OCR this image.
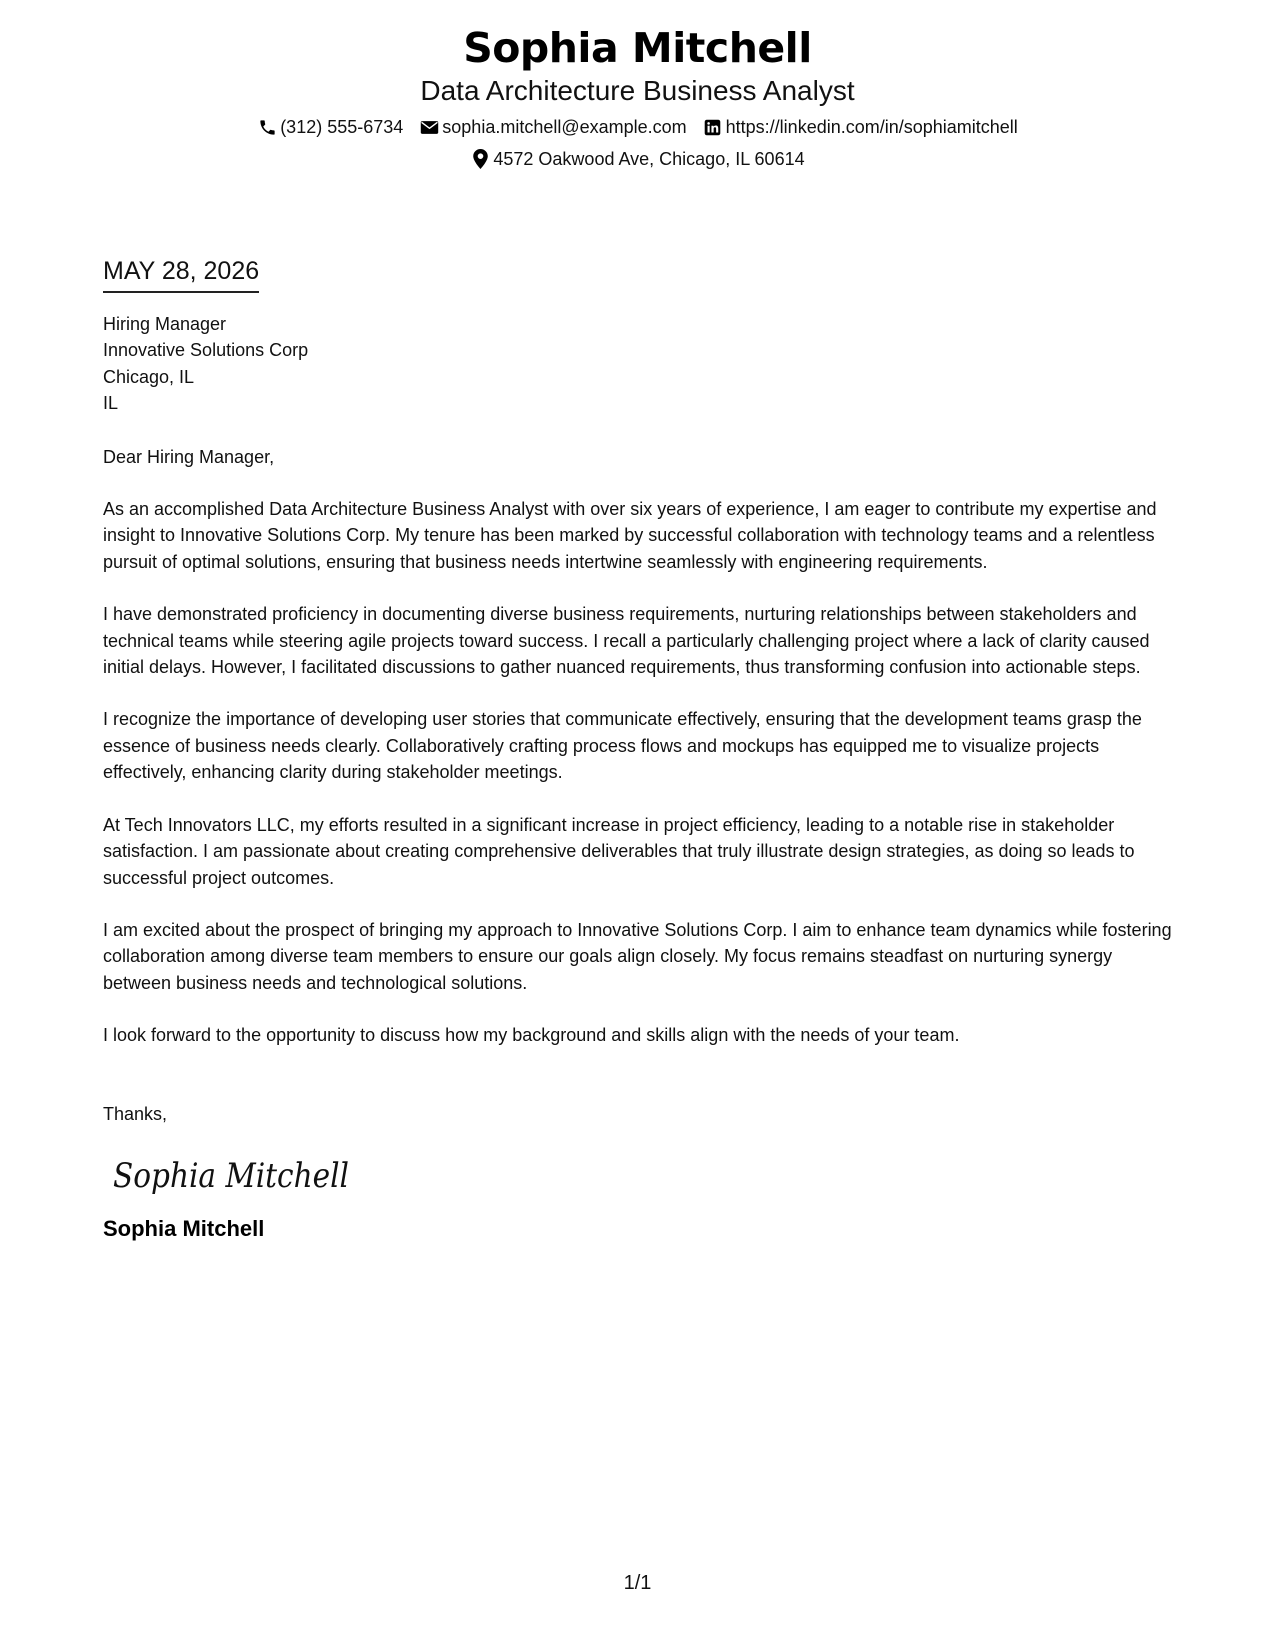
Sophia Mitchell
Data Architecture Business Analyst
(312) 555-6734 sophia.mitchell@example.com https://linkedin.com/in/sophiamitchell
4572 Oakwood Ave, Chicago, IL 60614
MAY 28, 2026
Hiring Manager
Innovative Solutions Corp
Chicago, IL
IL
Dear Hiring Manager,

As an accomplished Data Architecture Business Analyst with over six years of experience, I am eager to contribute my expertise and insight to Innovative Solutions Corp. My tenure has been marked by successful collaboration with technology teams and a relentless pursuit of optimal solutions, ensuring that business needs intertwine seamlessly with engineering requirements.

I have demonstrated proficiency in documenting diverse business requirements, nurturing relationships between stakeholders and technical teams while steering agile projects toward success. I recall a particularly challenging project where a lack of clarity caused initial delays. However, I facilitated discussions to gather nuanced requirements, thus transforming confusion into actionable steps.

I recognize the importance of developing user stories that communicate effectively, ensuring that the development teams grasp the essence of business needs clearly. Collaboratively crafting process flows and mockups has equipped me to visualize projects effectively, enhancing clarity during stakeholder meetings.

At Tech Innovators LLC, my efforts resulted in a significant increase in project efficiency, leading to a notable rise in stakeholder satisfaction. I am passionate about creating comprehensive deliverables that truly illustrate design strategies, as doing so leads to successful project outcomes.

I am excited about the prospect of bringing my approach to Innovative Solutions Corp. I aim to enhance team dynamics while fostering collaboration among diverse team members to ensure our goals align closely. My focus remains steadfast on nurturing synergy between business needs and technological solutions.

I look forward to the opportunity to discuss how my background and skills align with the needs of your team.

Thanks,
Sophia Mitchell
Sophia Mitchell
1/1
